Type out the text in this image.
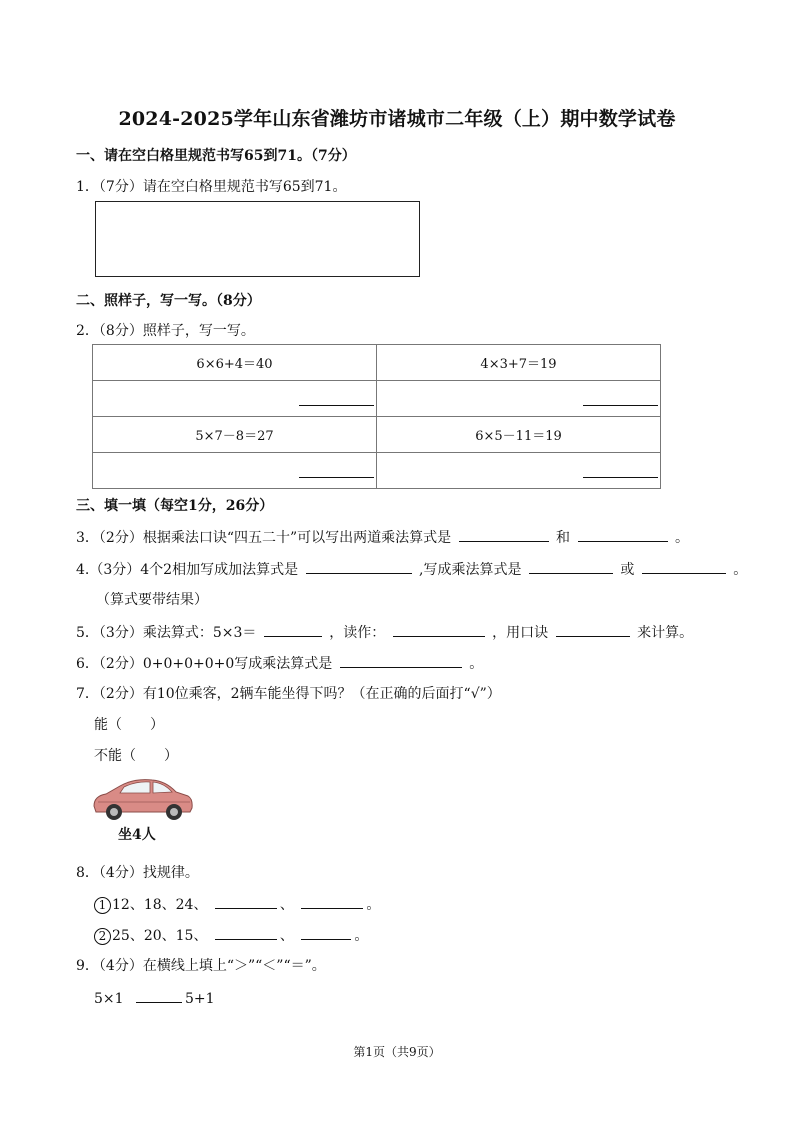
2024-2025学年山东省潍坊市诸城市二年级（上）期中数学试卷
一、请在空白格里规范书写65到71。（7分）
1．（7分）请在空白格里规范书写65到71。
二、照样子，写一写。（8分）
2．（8分）照样子，写一写。
6×6+4＝40	4×3+7＝19

5×7－8＝27	6×5－11＝19

三、填一填（每空1分，26分）
3．（2分）根据乘法口诀“四五二十”可以写出两道乘法算式是	和	。
4.（3分）4个2相加写成加法算式是	,写成乘法算式是	或	。
（算式要带结果）
5．（3分）乘法算式：5×3＝	，读作：	，用口诀	来计算。
6．（2分）0+0+0+0+0写成乘法算式是	。
7．（2分）有10位乘客，2辆车能坐得下吗？（在正确的后面打“√”）
能（　　）
不能（　　）
坐4人
8．（4分）找规律。
1 12、18、24、	、	。
2 25、20、15、	、	。
9．（4分）在横线上填上“＞”“＜”“＝”。
5×1	5+1
第1页（共9页）
